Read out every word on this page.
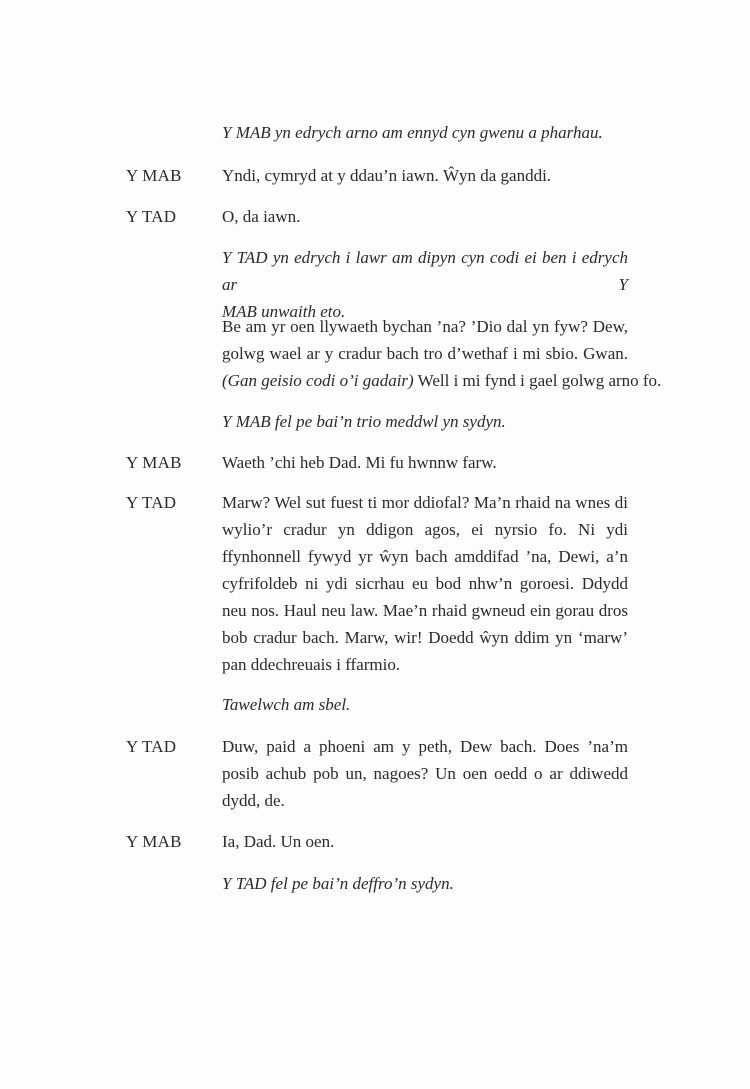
Y MAB yn edrych arno am ennyd cyn gwenu a pharhau.
Y MAB Yndi, cymryd at y ddau’n iawn. Ŵyn da ganddi.
Y TAD	O, da iawn.
Y TAD yn edrych i lawr am dipyn cyn codi ei ben i edrych ar Y
MAB unwaith eto.
Be am yr oen llywaeth bychan ’na? ’Dio dal yn fyw? Dew,
golwg wael ar y cradur bach tro d’wethaf i mi sbio. Gwan.
(Gan geisio codi o’i gadair) Well i mi fynd i gael golwg arno fo.
Y MAB fel pe bai’n trio meddwl yn sydyn.
Y MAB Waeth ’chi heb Dad. Mi fu hwnnw farw.
Y TAD	Marw? Wel sut fuest ti mor ddiofal? Ma’n rhaid na wnes di
wylio’r cradur yn ddigon agos, ei nyrsio fo. Ni ydi
ffynhonnell fywyd yr ŵyn bach amddifad ’na, Dewi, a’n
cyfrifoldeb ni ydi sicrhau eu bod nhw’n goroesi. Ddydd
neu nos. Haul neu law. Mae’n rhaid gwneud ein gorau dros
bob cradur bach. Marw, wir! Doedd ŵyn ddim yn ‘marw’
pan ddechreuais i ffarmio.
Tawelwch am sbel.
Y TAD	Duw, paid a phoeni am y peth, Dew bach. Does ’na’m
posib achub pob un, nagoes? Un oen oedd o ar ddiwedd
dydd, de.
Y MAB Ia, Dad. Un oen.
Y TAD fel pe bai’n deffro’n sydyn.
